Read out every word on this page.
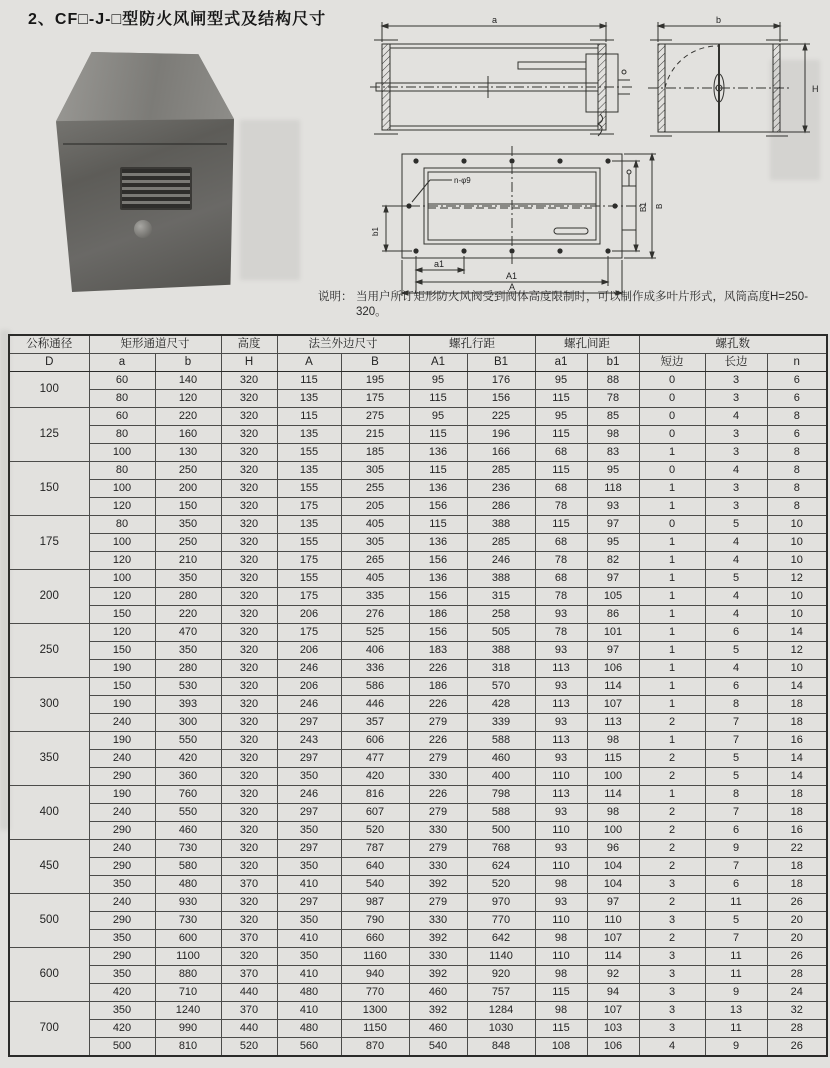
2、CF□-J-□型防火风闸型式及结构尺寸	a	b
H
n-φ9
a1
A1
A
b1
B1 B
说明： 当用户所订矩形防火风阀受到阀体高度限制时，可以制作成多叶片形式，风筒高度H=250-320。
公称通径	矩形通道尺寸		高度	法兰外边尺寸		螺孔行距		螺孔间距		螺孔数		
D	a	b	H	A	B	A1	B1	a1	b1	短边	长边	n
100	60	140	320	115	195	95	176	95	88	0	3	6
	80	120	320	135	175	115	156	115	78	0	3	6
125	60	220	320	115	275	95	225	95	85	0	4	8
	80	160	320	135	215	115	196	115	98	0	3	6
	100	130	320	155	185	136	166	68	83	1	3	8
150	80	250	320	135	305	115	285	115	95	0	4	8
	100	200	320	155	255	136	236	68	118	1	3	8
	120	150	320	175	205	156	286	78	93	1	3	8
175	80	350	320	135	405	115	388	115	97	0	5	10
	100	250	320	155	305	136	285	68	95	1	4	10
	120	210	320	175	265	156	246	78	82	1	4	10
200	100	350	320	155	405	136	388	68	97	1	5	12
	120	280	320	175	335	156	315	78	105	1	4	10
	150	220	320	206	276	186	258	93	86	1	4	10
250	120	470	320	175	525	156	505	78	101	1	6	14
	150	350	320	206	406	183	388	93	97	1	5	12
	190	280	320	246	336	226	318	113	106	1	4	10
300	150	530	320	206	586	186	570	93	114	1	6	14
	190	393	320	246	446	226	428	113	107	1	8	18
	240	300	320	297	357	279	339	93	113	2	7	18
350	190	550	320	243	606	226	588	113	98	1	7	16
	240	420	320	297	477	279	460	93	115	2	5	14
	290	360	320	350	420	330	400	110	100	2	5	14
400	190	760	320	246	816	226	798	113	114	1	8	18
	240	550	320	297	607	279	588	93	98	2	7	18
	290	460	320	350	520	330	500	110	100	2	6	16
450	240	730	320	297	787	279	768	93	96	2	9	22
	290	580	320	350	640	330	624	110	104	2	7	18
	350	480	370	410	540	392	520	98	104	3	6	18
500	240	930	320	297	987	279	970	93	97	2	11	26
	290	730	320	350	790	330	770	110	110	3	5	20
	350	600	370	410	660	392	642	98	107	2	7	20
600	290	1100	320	350	1160	330	1140	110	114	3	11	26
	350	880	370	410	940	392	920	98	92	3	11	28
	420	710	440	480	770	460	757	115	94	3	9	24
700	350	1240	370	410	1300	392	1284	98	107	3	13	32
	420	990	440	480	1150	460	1030	115	103	3	11	28
	500	810	520	560	870	540	848	108	106	4	9	26
